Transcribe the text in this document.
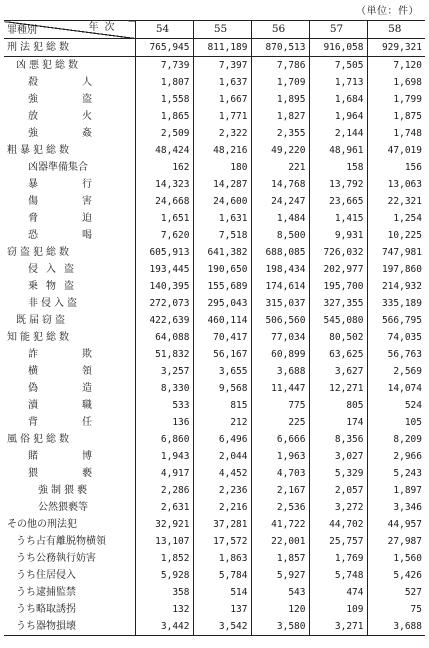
（単位：件）
年次
罪種別	54	55	56	57	58
刑法犯総数	765,945	811,189	870,513	916,058	929,321
凶悪犯総数	7,739	7,397	7,786	7,505	7,120
殺　　人	1,807	1,637	1,709	1,713	1,698
強　　盗	1,558	1,667	1,895	1,684	1,799
放　　火	1,865	1,771	1,827	1,964	1,875
強　　姦	2,509	2,322	2,355	2,144	1,748
粗暴犯総数	48,424	48,216	49,220	48,961	47,019
凶器準備集合	162	180	221	158	156
暴　　行	14,323	14,287	14,768	13,792	13,063
傷　　害	24,668	24,600	24,247	23,665	22,321
脅　　迫	1,651	1,631	1,484	1,415	1,254
恐　　喝	7,620	7,518	8,500	9,931	10,225
窃盗犯総数	605,913	641,382	688,085	726,032	747,981
侵入盗	193,445	190,650	198,434	202,977	197,860
乗物盗	140,395	155,689	174,614	195,700	214,932
非侵入盗	272,073	295,043	315,037	327,355	335,189
既届窃盗	422,639	460,114	506,560	545,080	566,795
知能犯総数	64,088	70,417	77,034	80,502	74,035
詐　　欺	51,832	56,167	60,899	63,625	56,763
横　　領	3,257	3,655	3,688	3,627	2,569
偽　　造	8,330	9,568	11,447	12,271	14,074
瀆　　職	533	815	775	805	524
背　　任	136	212	225	174	105
風俗犯総数	6,860	6,496	6,666	8,356	8,209
賭　　博	1,943	2,044	1,963	3,027	2,966
猥　　褻	4,917	4,452	4,703	5,329	5,243
強制猥褻	2,286	2,236	2,167	2,057	1,897
公然猥褻等	2,631	2,216	2,536	3,272	3,346
その他の刑法犯	32,921	37,281	41,722	44,702	44,957
うち占有離脱物横領	13,107	17,572	22,001	25,757	27,987
うち公務執行妨害	1,852	1,863	1,857	1,769	1,560
うち住居侵入	5,928	5,784	5,927	5,748	5,426
うち逮捕監禁	358	514	543	474	527
うち略取誘拐	132	137	120	109	75
うち器物損壊	3,442	3,542	3,580	3,271	3,688
